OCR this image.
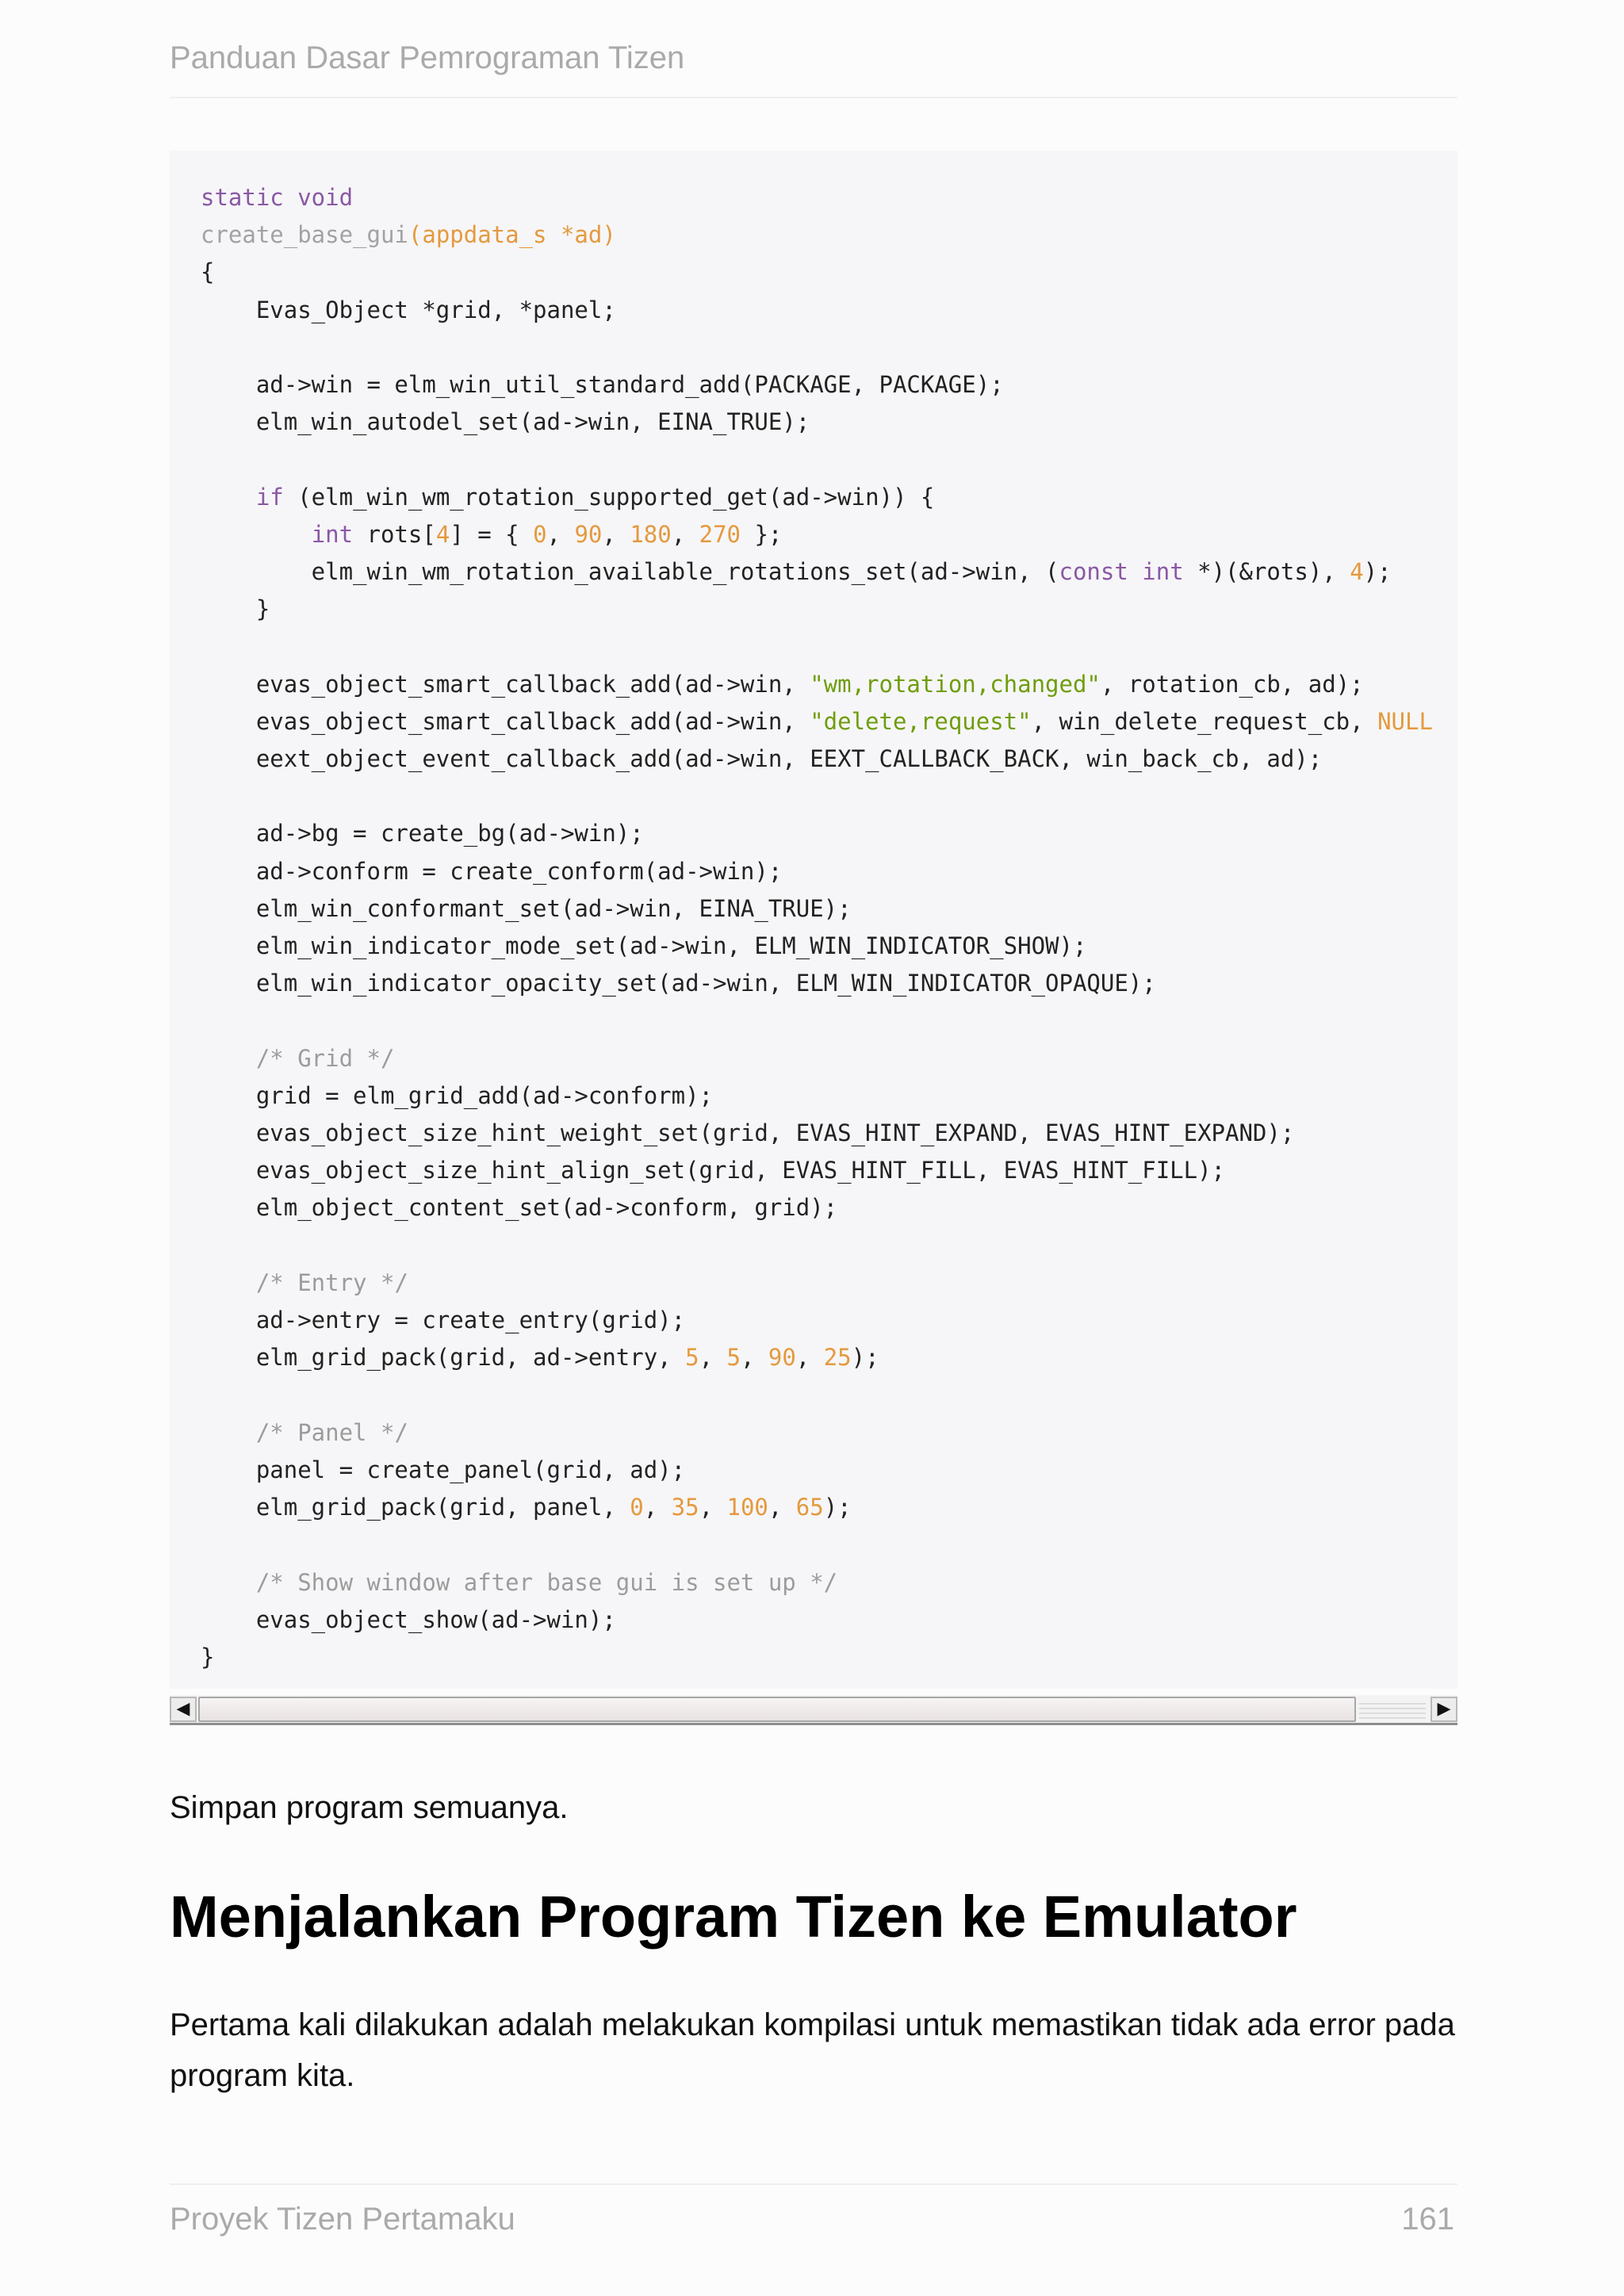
Panduan Dasar Pemrograman Tizen
static void
create_base_gui(appdata_s *ad)
{
Evas_Object *grid, *panel;

ad->win = elm_win_util_standard_add(PACKAGE, PACKAGE);
elm_win_autodel_set(ad->win, EINA_TRUE);

if (elm_win_wm_rotation_supported_get(ad->win)) {
int rots[4] = { 0, 90, 180, 270 };
elm_win_wm_rotation_available_rotations_set(ad->win, (const int *)(&rots), 4);
}

evas_object_smart_callback_add(ad->win, "wm,rotation,changed", rotation_cb, ad);
evas_object_smart_callback_add(ad->win, "delete,request", win_delete_request_cb, NULL
eext_object_event_callback_add(ad->win, EEXT_CALLBACK_BACK, win_back_cb, ad);

ad->bg = create_bg(ad->win);
ad->conform = create_conform(ad->win);
elm_win_conformant_set(ad->win, EINA_TRUE);
elm_win_indicator_mode_set(ad->win, ELM_WIN_INDICATOR_SHOW);
elm_win_indicator_opacity_set(ad->win, ELM_WIN_INDICATOR_OPAQUE);

/* Grid */
grid = elm_grid_add(ad->conform);
evas_object_size_hint_weight_set(grid, EVAS_HINT_EXPAND, EVAS_HINT_EXPAND);
evas_object_size_hint_align_set(grid, EVAS_HINT_FILL, EVAS_HINT_FILL);
elm_object_content_set(ad->conform, grid);

/* Entry */
ad->entry = create_entry(grid);
elm_grid_pack(grid, ad->entry, 5, 5, 90, 25);

/* Panel */
panel = create_panel(grid, ad);
elm_grid_pack(grid, panel, 0, 35, 100, 65);

/* Show window after base gui is set up */
evas_object_show(ad->win);
}
◀	▶
Simpan program semuanya.
Menjalankan Program Tizen ke Emulator
Pertama kali dilakukan adalah melakukan kompilasi untuk memastikan tidak ada error pada program kita.
Proyek Tizen Pertamaku	161
